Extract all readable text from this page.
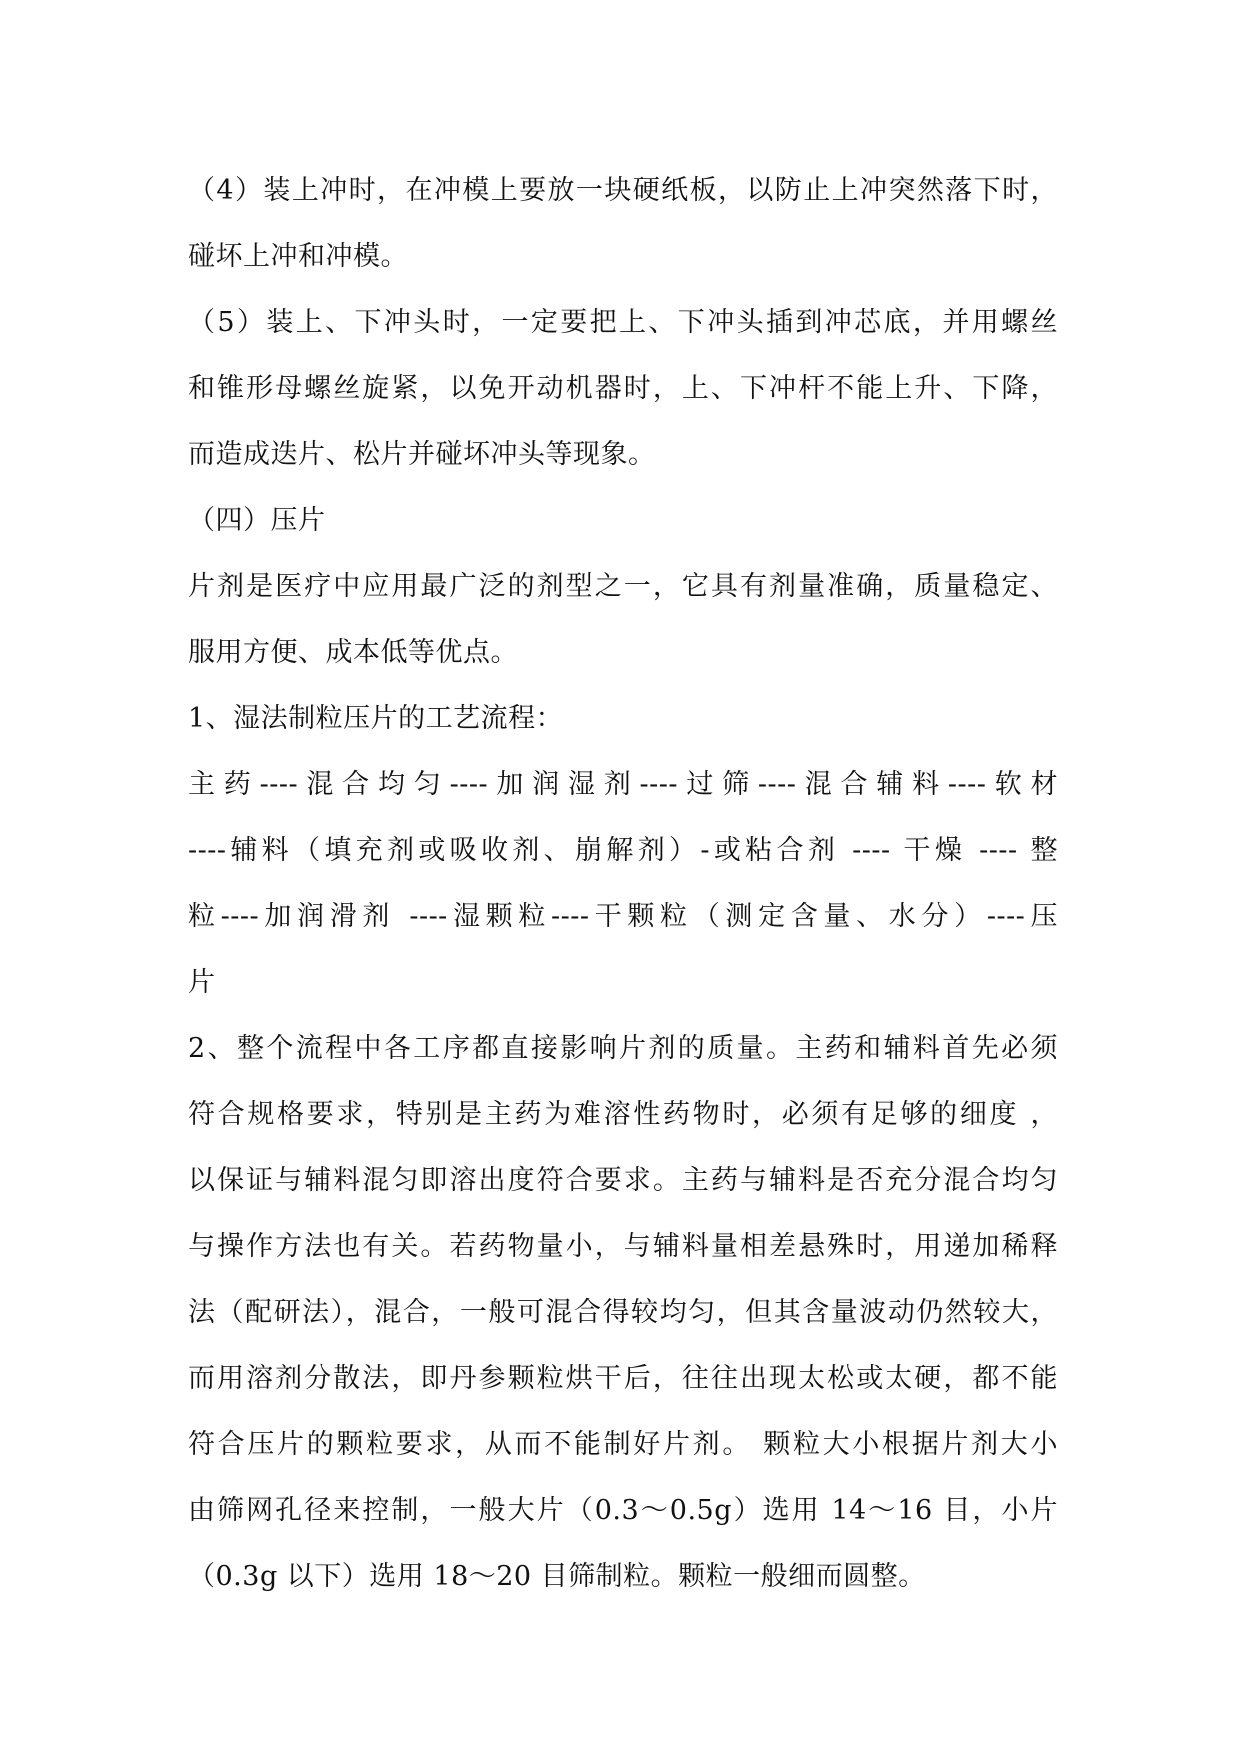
（4）装上冲时，在冲模上要放一块硬纸板，以防止上冲突然落下时，
碰坏上冲和冲模。
（5）装上、下冲头时，一定要把上、下冲头插到冲芯底，并用螺丝
和锥形母螺丝旋紧，以免开动机器时，上、下冲杆不能上升、下降，
而造成迭片、松片并碰坏冲头等现象。
（四）压片
片剂是医疗中应用最广泛的剂型之一，它具有剂量准确，质量稳定、
服用方便、成本低等优点。
1、湿法制粒压片的工艺流程：
主药----混合均匀----加润湿剂----过筛----混合辅料----软材
----辅料（填充剂或吸收剂、崩解剂）-或粘合剂 ---- 干燥 ---- 整
粒----加润滑剂 ----湿颗粒----干颗粒（测定含量、水分）----压
片
2、整个流程中各工序都直接影响片剂的质量。主药和辅料首先必须
符合规格要求，特别是主药为难溶性药物时，必须有足够的细度 ，
以保证与辅料混匀即溶出度符合要求。主药与辅料是否充分混合均匀
与操作方法也有关。若药物量小，与辅料量相差悬殊时，用递加稀释
法（配研法），混合，一般可混合得较均匀，但其含量波动仍然较大，
而用溶剂分散法，即丹参颗粒烘干后，往往出现太松或太硬，都不能
符合压片的颗粒要求，从而不能制好片剂。 颗粒大小根据片剂大小
由筛网孔径来控制，一般大片（0.3～0.5g）选用 14～16 目，小片
（0.3g 以下）选用 18～20 目筛制粒。颗粒一般细而圆整。
